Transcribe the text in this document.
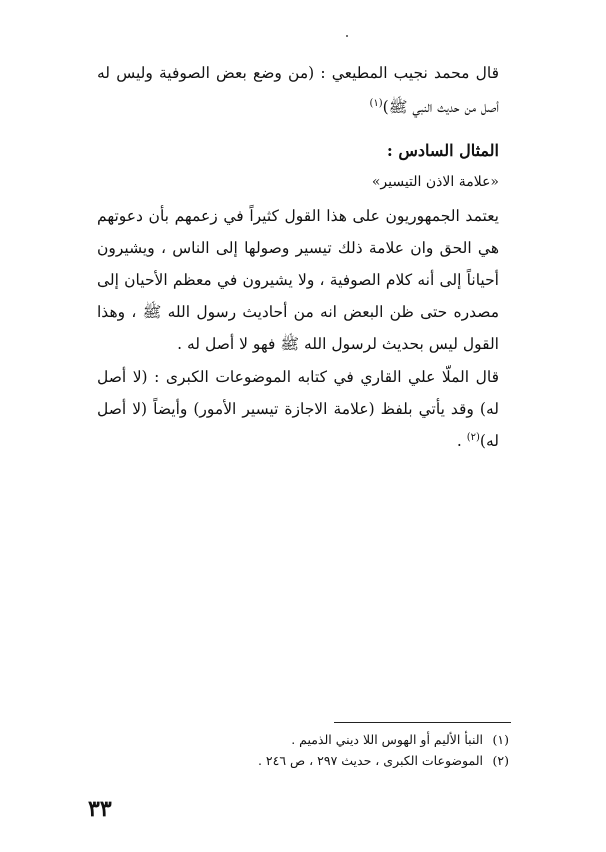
قال محمد نجيب المطيعي : (من وضع بعض الصوفية وليس له
أصل من حديث النبي ﷺ)$^{(١)}$
المثال السادس :
«علامة الاذن التيسير»
يعتمد الجمهوريون على هذا القول كثيراً في زعمهم بأن دعوتهم
هي الحق وان علامة ذلك تيسير وصولها إلى الناس ، ويشيرون
أحياناً إلى أنه كلام الصوفية ، ولا يشيرون في معظم الأحيان إلى
مصدره حتى ظن البعض انه من أحاديث رسول الله ﷺ ، وهذا
القول ليس بحديث لرسول الله ﷺ فهو لا أصل له .
قال الملّا علي القاري في كتابه الموضوعات الكبرى : (لا أصل
له) وقد يأتي بلفظ (علامة الاجازة تيسير الأمور) وأيضاً (لا أصل
له)$^{(٢)}$ .
(١)النبأ الأليم أو الهوس اللا ديني الذميم .
(٢)الموضوعات الكبرى ، حديث ٢٩٧ ، ص ٢٤٦ .
٣٣
